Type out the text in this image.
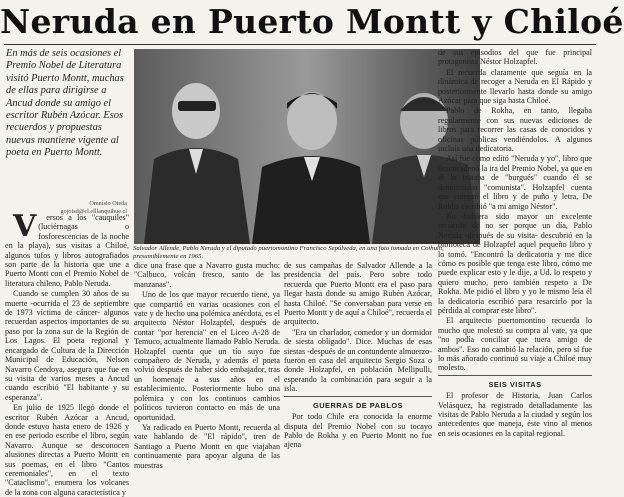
Neruda en Puerto Montt y Chiloé
En más de seis ocasiones el Premio Nobel de Literatura visitó Puerto Montt, muchas de ellas para dirigirse a Ancud donde su amigo el escritor Rubén Azócar. Esos recuerdos y propuestas nuevas mantiene vigente al poeta en Puerto Montt.
Omnísio Oteda
gojoisd@cl.elllanquihue.cl
Salvador Allende, Pablo Neruda y el diputado puertomontino Francisco Sepúlveda, en una foto tomada en Coihuín, presumiblemente en 1965.

V ersos a los "cauquiles" (luciérnagas o fosforescencias de la noche en la playa), sus visitas a Chiloé, algunos tufos y libros autografiados son parte de la historia que une a Puerto Montt con el Premio Nobel de literatura chileno, Pablo Neruda.

Cuando se cumplen 30 años de su muerte -ocurrida el 23 de septiembre de 1973 víctima de cáncer- algunos recuerdan aspectos importantes de su paso por la zona sur de la Región de Los Lagos. El poeta regional y encargado de Cultura de la Dirección Municipal de Educación, Nelson Navarro Cendoya, asegura que fue en su visita de varios meses a Ancud cuando escribió "El habitante y su esperanza".

En julio de 1925 llegó donde el escritor Rubén Azócar a Ancud, donde estuvo hasta enero de 1926 y en ese periodo escribe el libro, según Navarro. Aunque se desconocen alusiones directas a Puerto Montt en sus poemas, en el libro "Cantos ceremoniales", en el texto "Cataclismo", enumera los volcanes de la zona con alguna característica y

dice una frase que a Navarro gusta mucho: "Calbuco, volcán fresco, santo de las manzanas".

Uno de los que mayor recuerdo tiene, ya que compartió en varias ocasiones con el vate y de hecho una polémica anécdota, es el arquitecto Néstor Holzapfel, después de contar "por herencia" en el Liceo A-28 de Temuco, actualmente llamado Pablo Neruda. Holzapfel cuenta que un tío suyo fue compañero de Neruda, y además el poeta volvió después de haber sido embajador, tras un homenaje a sus años en el establecimiento. Posteriormente hubo una polémica y con los continuos cambios políticos tuvieron contacto en más de una oportunidad.

Ya radicado en Puerto Montt, recuerda al vate hablando de "El rápido", tren de Santiago a Puerto Montt en que viajaban continuamente para apoyar alguna de las muestras

de sus campañas de Salvador Allende a la presidencia del país. Pero sobre todo recuerda que Puerto Montt era el paso para llegar hasta donde su amigo Rubén Azócar, hasta Chiloé. "Se conversaban para verse en Puerto Montt y de aquí a Chiloé", recuerda el arquitecto.

"Era un charlador, comedor y un dormidor de siesta obligado". Dice. Muchas de esas siestas -después de un contundente almuerzo- fueron en casa del arquitecto Sergio Soza o donde Holzapfel, en población Mellipulli, esperando la combinación para seguir a la isla.

GUERRAS DE PABLOS

Por todo Chile era conocida la enorme disputa del Premio Nobel con su tocayo Pablo de Rokha y en Puerto Montt no fue ajena

de sus episodios del que fue principal protagonista Néstor Holzapfel.

El recuerda claramente que seguía en la dinámica de recoger a Neruda en El Rápido y posteriormente llevarlo hasta donde su amigo Azócar para que siga hasta Chiloé.

Pablo de Rokha, en tanto, llegaba regularmente con sus nuevas ediciones de libros para recorrer las casas de conocidos y oficinas públicas vendiéndolos. A algunos incluía una dedicatoria.

Así fue como editó "Neruda y yo", libro que desencadenó la ira del Premio Nobel, ya que en él lo trataba de "burgués" cuando él se denominaba "comunista". Holzapfel cuenta que compró el libro y de puño y letra, De Rokha escribió "a mi amigo Néstor".

No hubiera sido mayor un excelente recuerdo de no ser porque un día, Pablo Neruda -después de su visita- descubrió en la biblioteca de Holzapfel aquel pequeño libro y lo tomó. "Encontró la dedicatoria y me dice cómo es posible que tenga este libro, cómo me puede explicar esto y le dije, a Ud. lo respeto y quiero mucho, pero también respeto a De Rokha. Me pidió el libro y yo le mismo leía él la dedicatoria escribió para resarcirlo por la pérdida al comprar este libro".

El arquitecto puertomontino recuerda lo mucho que molestó su compra al vate, ya que "no podía conciliar que tuera amigo de ambos". Eso no cambió la relación, pero sí fue lo más añorado continuó su viaje a Chiloé muy molesto.

SEIS VISITAS

El profesor de Historia, Juan Carlos Velásquez, ha registrado detalladamente las visitas de Pablo Neruda a la ciudad y según los antecedentes que maneja, éste vino al menos en seis ocasiones en la capital regional.
